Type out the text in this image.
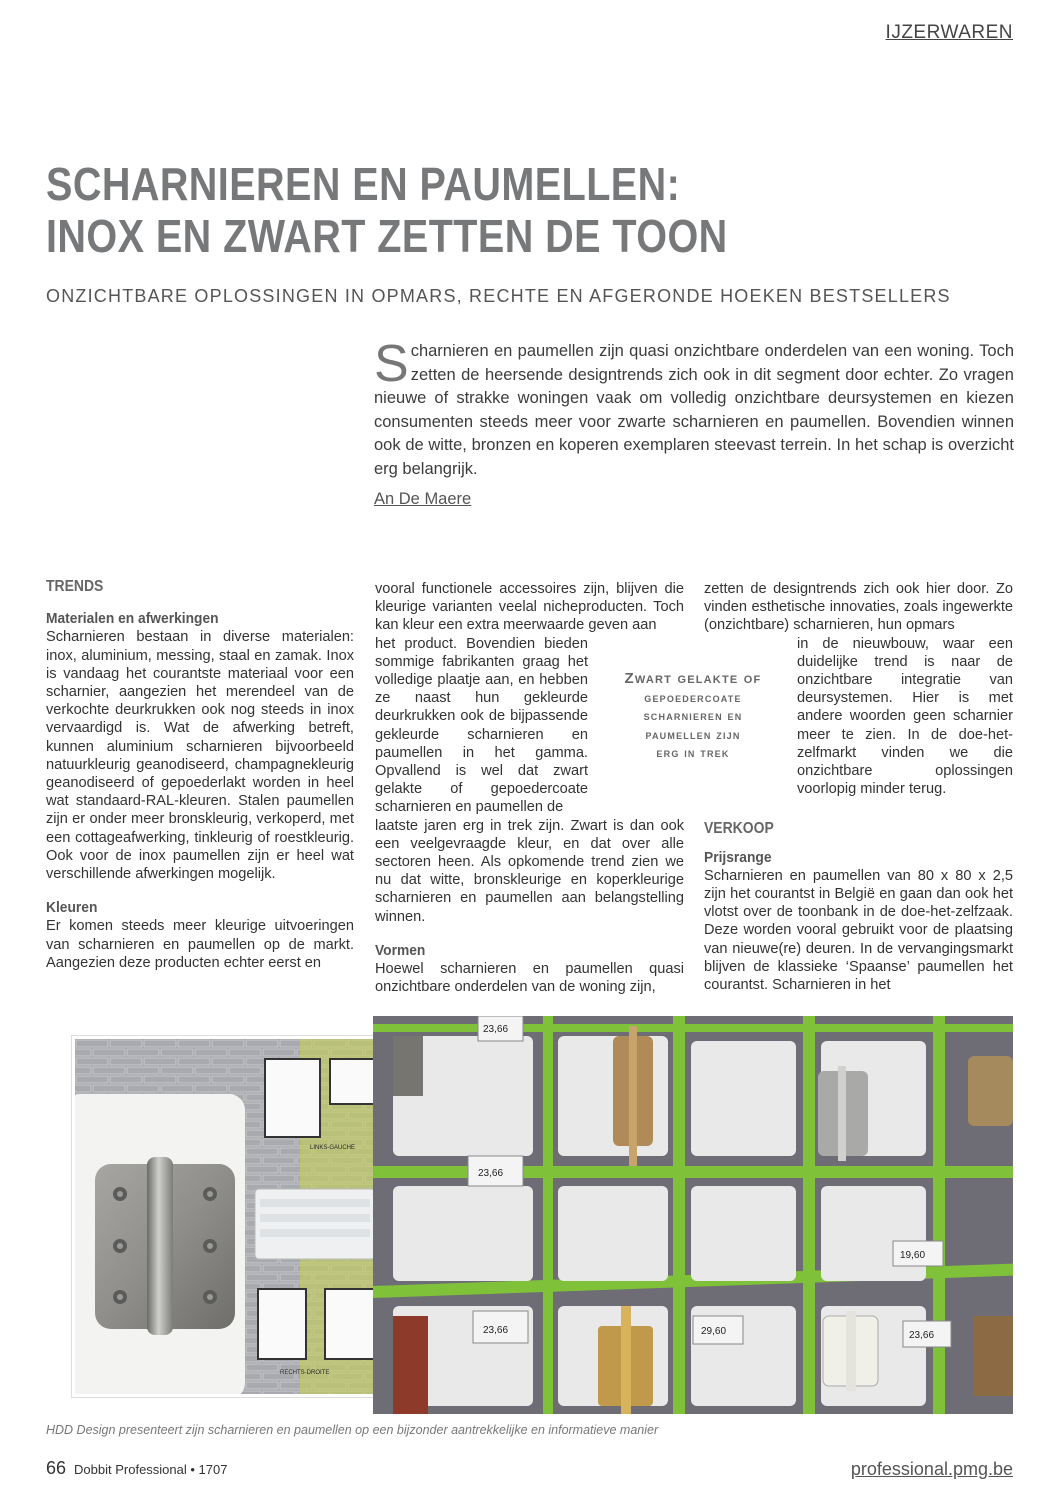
IJZERWAREN
SCHARNIEREN EN PAUMELLEN:
INOX EN ZWART ZETTEN DE TOON
ONZICHTBARE OPLOSSINGEN IN OPMARS, RECHTE EN AFGERONDE HOEKEN BESTSELLERS
Scharnieren en paumellen zijn quasi onzichtbare onderdelen van een woning. Toch zetten de heersende designtrends zich ook in dit segment door echter. Zo vragen nieuwe of strakke woningen vaak om volledig onzichtbare deursystemen en kiezen consumenten steeds meer voor zwarte scharnieren en paumellen. Bovendien winnen ook de witte, bronzen en koperen exemplaren steevast terrein. In het schap is overzicht erg belangrijk.
An De Maere
TRENDS
Materialen en afwerkingen

Scharnieren bestaan in diverse materialen: inox, aluminium, messing, staal en zamak. Inox is vandaag het courantste materiaal voor een scharnier, aangezien het merendeel van de verkochte deurkrukken ook nog steeds in inox vervaardigd is. Wat de afwerking betreft, kunnen aluminium scharnieren bijvoorbeeld natuurkleurig geanodiseerd, champagnekleurig geanodiseerd of gepoederlakt worden in heel wat standaard-RAL-kleuren. Stalen paumellen zijn er onder meer bronskleurig, verkoperd, met een cottageafwerking, tinkleurig of roestkleurig. Ook voor de inox paumellen zijn er heel wat verschillende afwerkingen mogelijk.

Kleuren

Er komen steeds meer kleurige uitvoeringen van scharnieren en paumellen op de markt. Aangezien deze producten echter eerst en

vooral functionele accessoires zijn, blijven die kleurige varianten veelal nicheproducten. Toch kan kleur een extra meerwaarde geven aan

het product. Bovendien bieden sommige fabrikanten graag het volledige plaatje aan, en hebben ze naast hun gekleurde deurkrukken ook de bijpassende gekleurde scharnieren en paumellen in het gamma. Opvallend is wel dat zwart gelakte of gepoedercoate scharnieren en paumellen de

laatste jaren erg in trek zijn. Zwart is dan ook een veelgevraagde kleur, en dat over alle sectoren heen. Als opkomende trend zien we nu dat witte, bronskleurige en koperkleurige scharnieren en paumellen aan belangstelling winnen.

Vormen

Hoewel scharnieren en paumellen quasi onzichtbare onderdelen van de woning zijn,

Zwart gelakte of
gepoedercoate
scharnieren en
paumellen zijn
erg in trek

zetten de designtrends zich ook hier door. Zo vinden esthetische innovaties, zoals ingewerkte (onzichtbare) scharnieren, hun opmars

in de nieuwbouw, waar een duidelijke trend is naar de onzichtbare integratie van deursystemen. Hier is met andere woorden geen scharnier meer te zien. In de doe-het-zelfmarkt vinden we die onzichtbare oplossingen voorlopig minder terug.

VERKOOP
Prijsrange

Scharnieren en paumellen van 80 x 80 x 2,5 zijn het courantst in België en gaan dan ook het vlotst over de toonbank in de doe-het-zelfzaak. Deze worden vooral gebruikt voor de plaatsing van nieuwe(re) deuren. In de vervangingsmarkt blijven de klassieke ‘Spaanse’ paumellen het courantst. Scharnieren in het

LINKS-GAUCHE
RECHTS-DROITE
23,66
23,66
19,60
23,66	29,60	23,66
HDD Design presenteert zijn scharnieren en paumellen op een bijzonder aantrekkelijke en informatieve manier
66 Dobbit Professional • 1707	professional.pmg.be
